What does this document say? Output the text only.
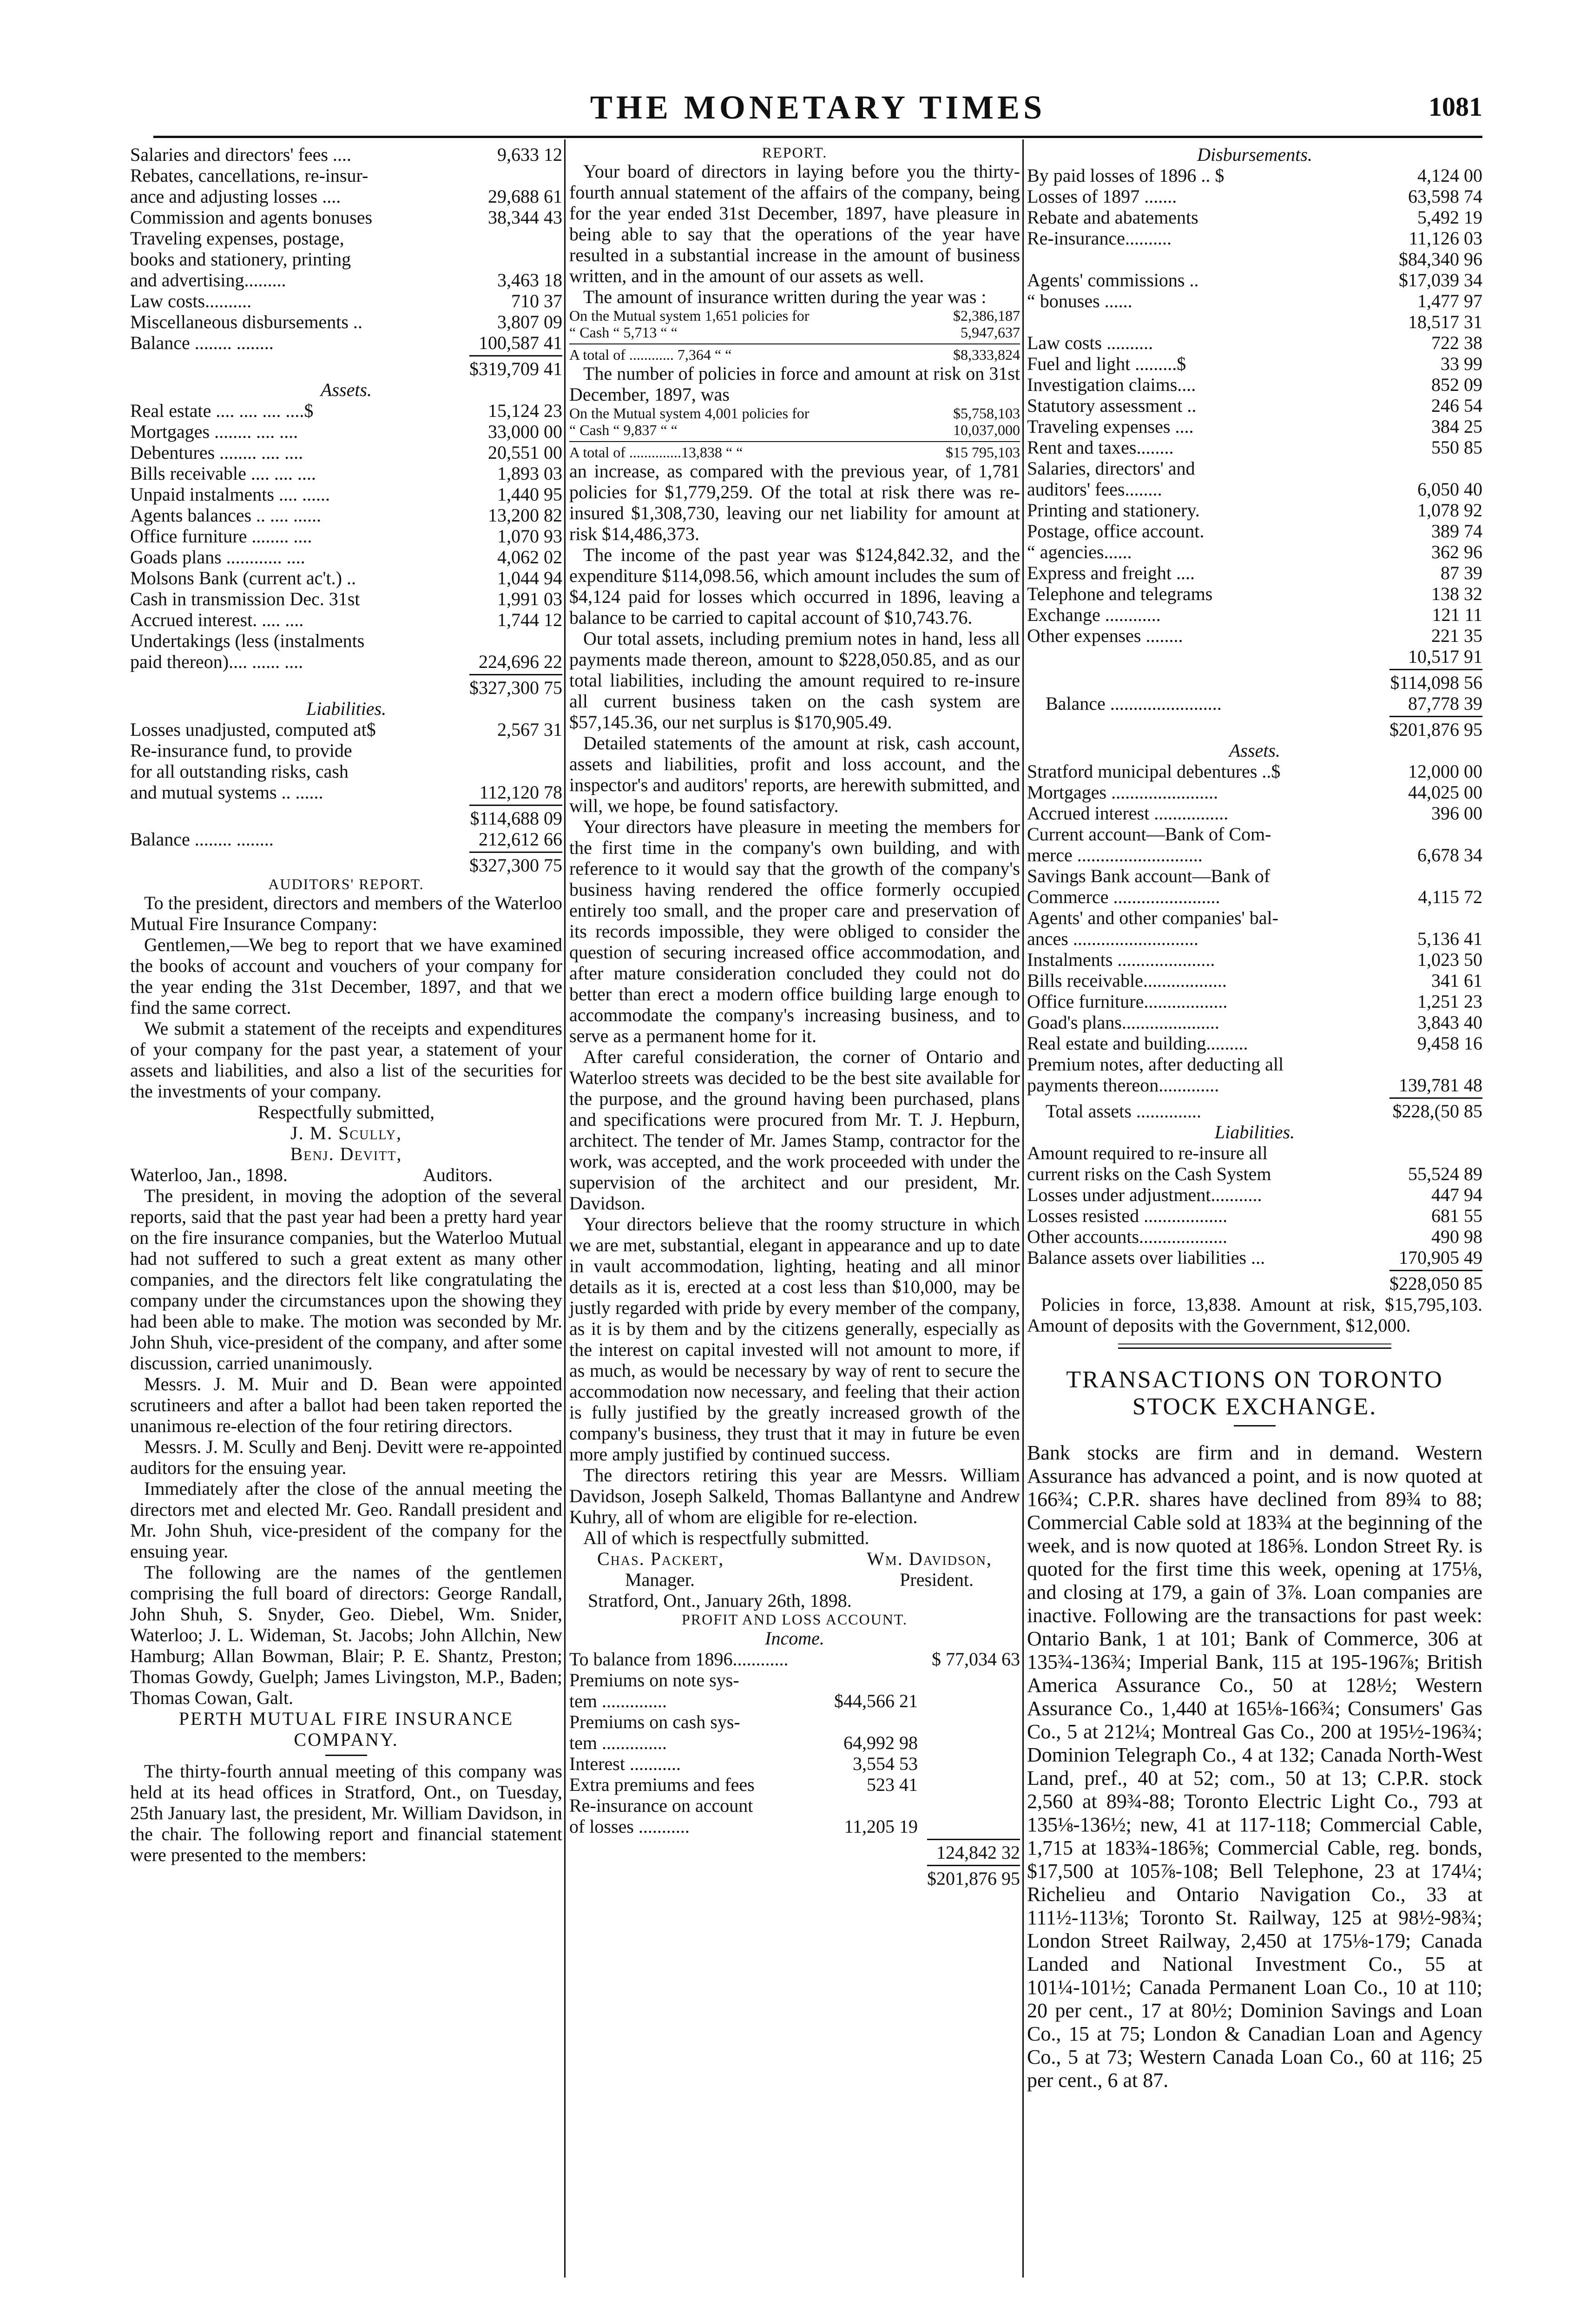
THE MONETARY TIMES	1081
Salaries and directors' fees ....	9,633 12
Rebates, cancellations, re-insur-
ance and adjusting losses ....	29,688 61
Commission and agents bonuses	38,344 43
Traveling expenses, postage,
books and stationery, printing
and advertising.........	3,463 18
Law costs..........	710 37
Miscellaneous disbursements ..	3,807 09
Balance ........ ........	100,587 41
$319,709 41
Assets.
Real estate .... .... .... ....$	15,124 23
Mortgages ........ .... ....	33,000 00
Debentures ........ .... ....	20,551 00
Bills receivable .... .... ....	1,893 03
Unpaid instalments .... ......	1,440 95
Agents balances .. .... ......	13,200 82
Office furniture ........ ....	1,070 93
Goads plans ............ ....	4,062 02
Molsons Bank (current ac't.) ..	1,044 94
Cash in transmission Dec. 31st	1,991 03
Accrued interest. .... ....	1,744 12
Undertakings (less (instalments
paid thereon).... ...... ....	224,696 22
$327,300 75
Liabilities.
Losses unadjusted, computed at$	2,567 31
Re-insurance fund, to provide
for all outstanding risks, cash
and mutual systems .. ......	112,120 78
$114,688 09
Balance ........ ........	212,612 66
$327,300 75
AUDITORS' REPORT.

To the president, directors and members of the Waterloo Mutual Fire Insurance Company:

Gentlemen,—We beg to report that we have examined the books of account and vouchers of your company for the year ending the 31st December, 1897, and that we find the same correct.

We submit a statement of the receipts and expenditures of your company for the past year, a statement of your assets and liabilities, and also a list of the securities for the investments of your company.

Respectfully submitted,
J. M. Scully,
Benj. Devitt,
Waterloo, Jan., 1898.	Auditors.

The president, in moving the adoption of the several reports, said that the past year had been a pretty hard year on the fire insurance companies, but the Waterloo Mutual had not suffered to such a great extent as many other companies, and the directors felt like congratulating the company under the circumstances upon the showing they had been able to make. The motion was seconded by Mr. John Shuh, vice-president of the company, and after some discussion, carried unanimously.

Messrs. J. M. Muir and D. Bean were appointed scrutineers and after a ballot had been taken reported the unanimous re-election of the four retiring directors.

Messrs. J. M. Scully and Benj. Devitt were re-appointed auditors for the ensuing year.

Immediately after the close of the annual meeting the directors met and elected Mr. Geo. Randall president and Mr. John Shuh, vice-president of the company for the ensuing year.

The following are the names of the gentlemen comprising the full board of directors: George Randall, John Shuh, S. Snyder, Geo. Diebel, Wm. Snider, Waterloo; J. L. Wideman, St. Jacobs; John Allchin, New Hamburg; Allan Bowman, Blair; P. E. Shantz, Preston; Thomas Gowdy, Guelph; James Livingston, M.P., Baden; Thomas Cowan, Galt.

PERTH MUTUAL FIRE INSURANCE
COMPANY.

The thirty-fourth annual meeting of this company was held at its head offices in Stratford, Ont., on Tuesday, 25th January last, the president, Mr. William Davidson, in the chair. The following report and financial statement were presented to the members:

REPORT.

Your board of directors in laying before you the thirty-fourth annual statement of the affairs of the company, being for the year ended 31st December, 1897, have pleasure in being able to say that the operations of the year have resulted in a substantial increase in the amount of business written, and in the amount of our assets as well.

The amount of insurance written during the year was :

On the Mutual system 1,651 policies for	$2,386,187
“ Cash “ 5,713 “ “	5,947,637
A total of ............ 7,364 “ “	$8,333,824

The number of policies in force and amount at risk on 31st December, 1897, was

On the Mutual system 4,001 policies for	$5,758,103
“ Cash “ 9,837 “ “	10,037,000
A total of ..............13,838 “ “	$15 795,103

an increase, as compared with the previous year, of 1,781 policies for $1,779,259. Of the total at risk there was re-insured $1,308,730, leaving our net liability for amount at risk $14,486,373.

The income of the past year was $124,842.32, and the expenditure $114,098.56, which amount includes the sum of $4,124 paid for losses which occurred in 1896, leaving a balance to be carried to capital account of $10,743.76.

Our total assets, including premium notes in hand, less all payments made thereon, amount to $228,050.85, and as our total liabilities, including the amount required to re-insure all current business taken on the cash system are $57,145.36, our net surplus is $170,905.49.

Detailed statements of the amount at risk, cash account, assets and liabilities, profit and loss account, and the inspector's and auditors' reports, are herewith submitted, and will, we hope, be found satisfactory.

Your directors have pleasure in meeting the members for the first time in the company's own building, and with reference to it would say that the growth of the company's business having rendered the office formerly occupied entirely too small, and the proper care and preservation of its records impossible, they were obliged to consider the question of securing increased office accommodation, and after mature consideration concluded they could not do better than erect a modern office building large enough to accommodate the company's increasing business, and to serve as a permanent home for it.

After careful consideration, the corner of Ontario and Waterloo streets was decided to be the best site available for the purpose, and the ground having been purchased, plans and specifications were procured from Mr. T. J. Hepburn, architect. The tender of Mr. James Stamp, contractor for the work, was accepted, and the work proceeded with under the supervision of the architect and our president, Mr. Davidson.

Your directors believe that the roomy structure in which we are met, substantial, elegant in appearance and up to date in vault accommodation, lighting, heating and all minor details as it is, erected at a cost less than $10,000, may be justly regarded with pride by every member of the company, as it is by them and by the citizens generally, especially as the interest on capital invested will not amount to more, if as much, as would be necessary by way of rent to secure the accommodation now necessary, and feeling that their action is fully justified by the greatly increased growth of the company's business, they trust that it may in future be even more amply justified by continued success.

The directors retiring this year are Messrs. William Davidson, Joseph Salkeld, Thomas Ballantyne and Andrew Kuhry, all of whom are eligible for re-election.

All of which is respectfully submitted.

Chas. Packert,	Wm. Davidson,
Manager.	President.
Stratford, Ont., January 26th, 1898.
PROFIT AND LOSS ACCOUNT.
Income.
To balance from 1896............	$ 77,034 63
Premiums on note sys-
tem ..............	$44,566 21
Premiums on cash sys-
tem ..............	64,992 98
Interest ...........	3,554 53
Extra premiums and fees	523 41
Re-insurance on account
of losses ...........	11,205 19
124,842 32
$201,876 95
Disbursements.
By paid losses of 1896 .. $	4,124 00
Losses of 1897 .......	63,598 74
Rebate and abatements	5,492 19
Re-insurance..........	11,126 03
$84,340 96
Agents' commissions ..	$17,039 34
“ bonuses ......	1,477 97
18,517 31
Law costs ..........	722 38
Fuel and light .........$	33 99
Investigation claims....	852 09
Statutory assessment ..	246 54
Traveling expenses ....	384 25
Rent and taxes........	550 85
Salaries, directors' and
auditors' fees........	6,050 40
Printing and stationery.	1,078 92
Postage, office account.	389 74
“ agencies......	362 96
Express and freight ....	87 39
Telephone and telegrams	138 32
Exchange ............	121 11
Other expenses ........	221 35
10,517 91
$114,098 56
Balance ........................	87,778 39
$201,876 95
Assets.
Stratford municipal debentures ..$	12,000 00
Mortgages .......................	44,025 00
Accrued interest ................	396 00
Current account—Bank of Com-
merce ...........................	6,678 34
Savings Bank account—Bank of
Commerce .......................	4,115 72
Agents' and other companies' bal-
ances ...........................	5,136 41
Instalments .....................	1,023 50
Bills receivable..................	341 61
Office furniture..................	1,251 23
Goad's plans.....................	3,843 40
Real estate and building.........	9,458 16
Premium notes, after deducting all
payments thereon.............	139,781 48
Total assets ..............	$228,(50 85
Liabilities.
Amount required to re-insure all
current risks on the Cash System	55,524 89
Losses under adjustment...........	447 94
Losses resisted ..................	681 55
Other accounts...................	490 98
Balance assets over liabilities ...	170,905 49
$228,050 85

Policies in force, 13,838. Amount at risk, $15,795,103. Amount of deposits with the Government, $12,000.

TRANSACTIONS ON TORONTO
STOCK EXCHANGE.

Bank stocks are firm and in demand. Western Assurance has advanced a point, and is now quoted at 166¾; C.P.R. shares have declined from 89¾ to 88; Commercial Cable sold at 183¾ at the beginning of the week, and is now quoted at 186⅝. London Street Ry. is quoted for the first time this week, opening at 175⅛, and closing at 179, a gain of 3⅞. Loan companies are inactive. Following are the transactions for past week: Ontario Bank, 1 at 101; Bank of Commerce, 306 at 135¾-136¾; Imperial Bank, 115 at 195-196⅞; British America Assurance Co., 50 at 128½; Western Assurance Co., 1,440 at 165⅛-166¾; Consumers' Gas Co., 5 at 212¼; Montreal Gas Co., 200 at 195½-196¾; Dominion Telegraph Co., 4 at 132; Canada North-West Land, pref., 40 at 52; com., 50 at 13; C.P.R. stock 2,560 at 89¾-88; Toronto Electric Light Co., 793 at 135⅛-136½; new, 41 at 117-118; Commercial Cable, 1,715 at 183¾-186⅝; Commercial Cable, reg. bonds, $17,500 at 105⅞-108; Bell Telephone, 23 at 174¼; Richelieu and Ontario Navigation Co., 33 at 111½-113⅛; Toronto St. Railway, 125 at 98½-98¾; London Street Railway, 2,450 at 175⅛-179; Canada Landed and National Investment Co., 55 at 101¼-101½; Canada Permanent Loan Co., 10 at 110; 20 per cent., 17 at 80½; Dominion Savings and Loan Co., 15 at 75; London & Canadian Loan and Agency Co., 5 at 73; Western Canada Loan Co., 60 at 116; 25 per cent., 6 at 87.
